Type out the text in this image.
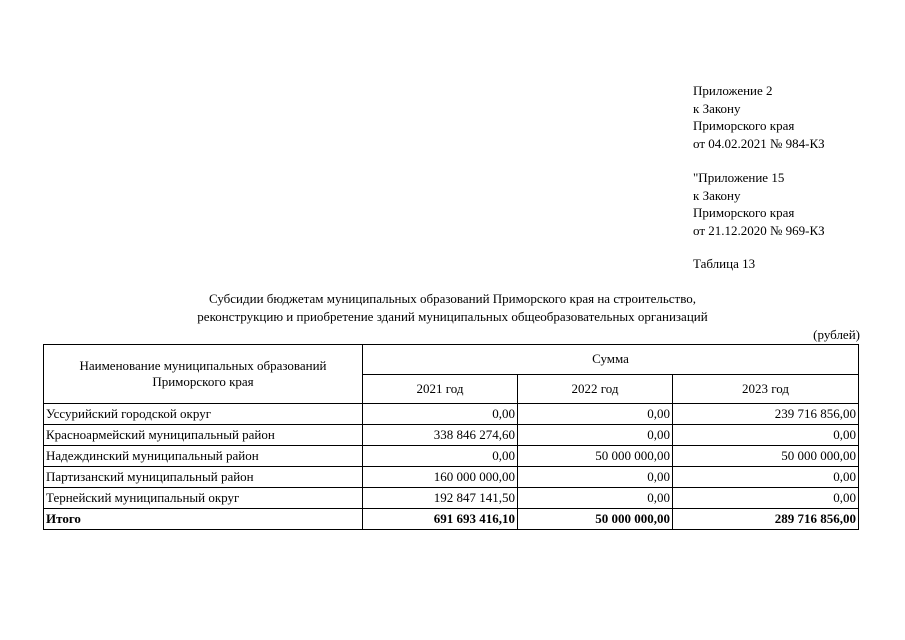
Приложение 2
к Закону
Приморского края
от 04.02.2021 № 984-КЗ
"Приложение 15
к Закону
Приморского края
от 21.12.2020 № 969-КЗ
Таблица 13
Субсидии бюджетам муниципальных образований Приморского края на строительство,
реконструкцию и приобретение зданий муниципальных общеобразовательных организаций
(рублей)
Наименование муниципальных образований Приморского края	Сумма		
	2021 год	2022 год	2023 год
Уссурийский городской округ	0,00	0,00	239 716 856,00
Красноармейский муниципальный район	338 846 274,60	0,00	0,00
Надеждинский муниципальный район	0,00	50 000 000,00	50 000 000,00
Партизанский муниципальный район	160 000 000,00	0,00	0,00
Тернейский муниципальный округ	192 847 141,50	0,00	0,00
Итого	691 693 416,10	50 000 000,00	289 716 856,00
